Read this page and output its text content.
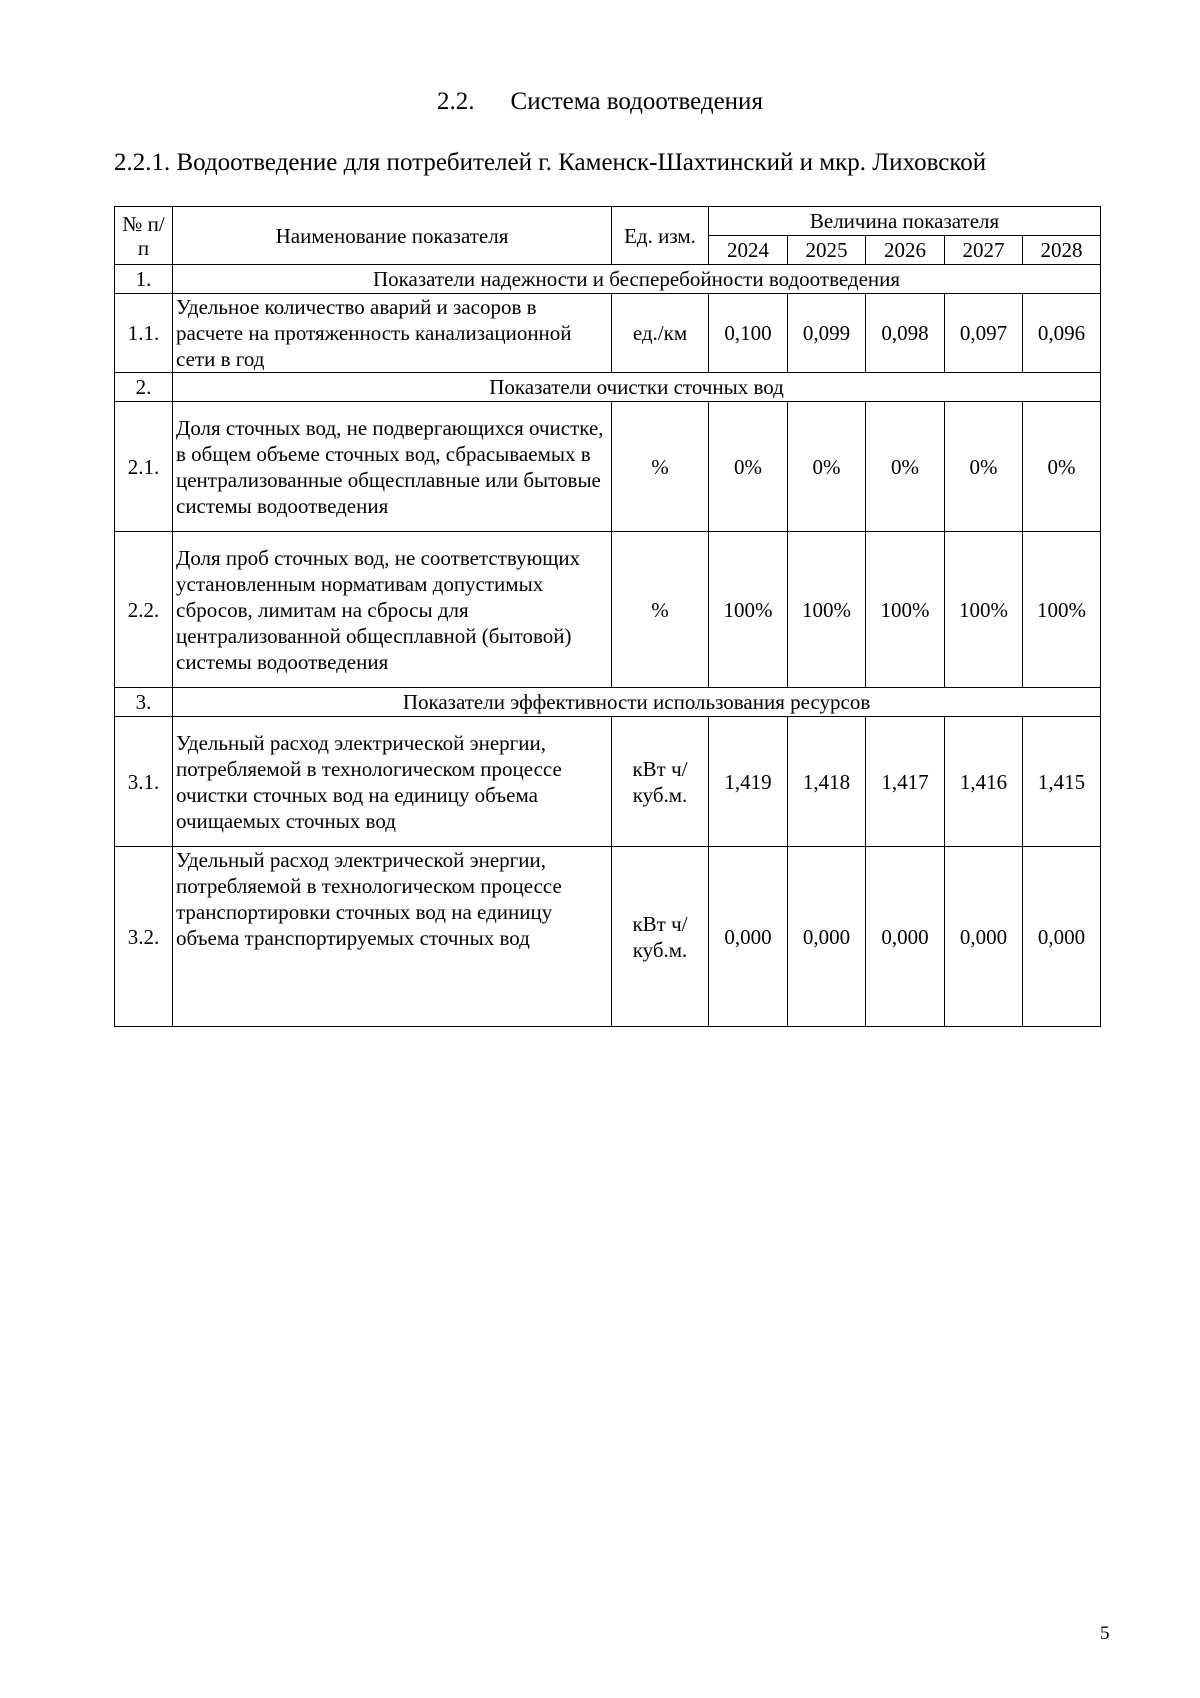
2.2. Система водоотведения
2.2.1. Водоотведение для потребителей г. Каменск-Шахтинский и мкр. Лиховской
№ п/п	Наименование показателя	Ед. изм.	Величина показателя				
			2024	2025	2026	2027	2028
1.	Показатели надежности и бесперебойности водоотведения						
1.1.	Удельное количество аварий и засоров в расчете на протяженность канализационной сети в год	ед./км	0,100	0,099	0,098	0,097	0,096
2.	Показатели очистки сточных вод						
2.1.	Доля сточных вод, не подвергающихся очистке, в общем объеме сточных вод, сбрасываемых в централизованные общесплавные или бытовые системы водоотведения	%	0%	0%	0%	0%	0%
2.2.	Доля проб сточных вод, не соответствующих установленным нормативам допустимых сбросов, лимитам на сбросы для централизованной общесплавной (бытовой) системы водоотведения	%	100%	100%	100%	100%	100%
3.	Показатели эффективности использования ресурсов						
3.1.	Удельный расход электрической энергии, потребляемой в технологическом процессе очистки сточных вод на единицу объема очищаемых сточных вод	кВт ч/куб.м.	1,419	1,418	1,417	1,416	1,415
3.2.	Удельный расход электрической энергии, потребляемой в технологическом процессе транспортировки сточных вод на единицу объема транспортируемых сточных вод	кВт ч/куб.м.	0,000	0,000	0,000	0,000	0,000
5
